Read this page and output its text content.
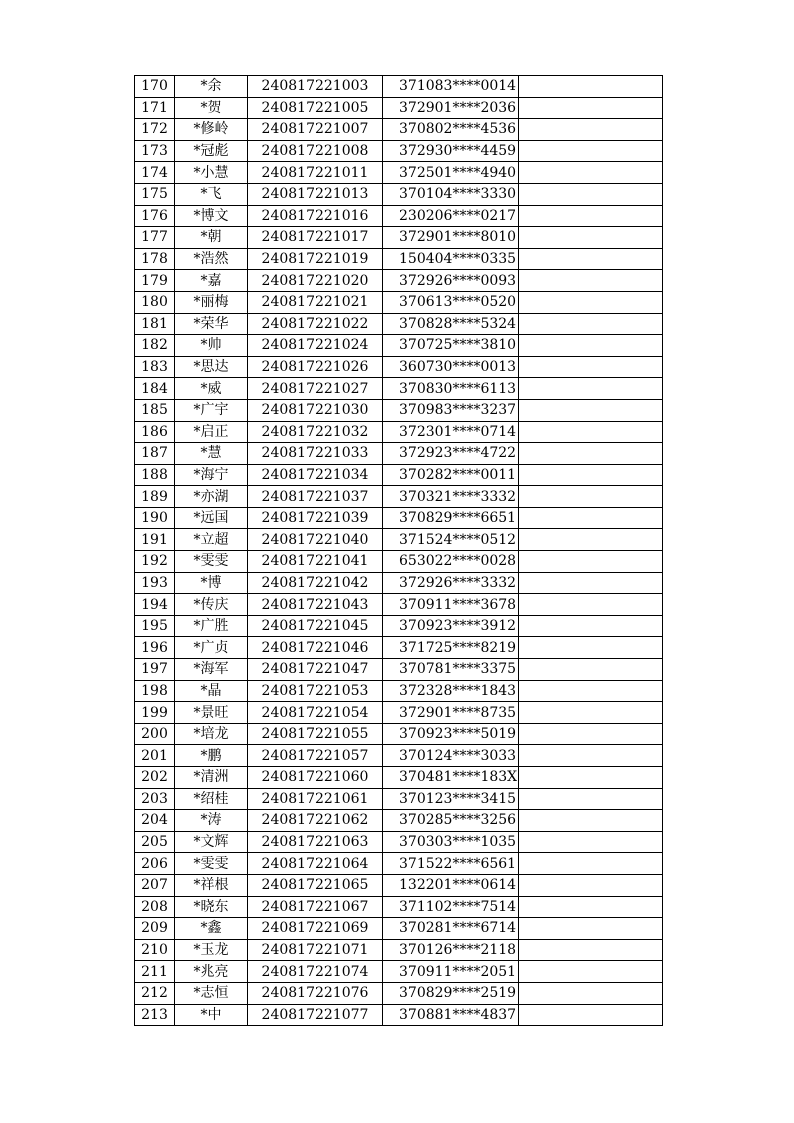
170	*余	240817221003	371083****0014	
171	*贺	240817221005	372901****2036	
172	*修岭	240817221007	370802****4536	
173	*冠彪	240817221008	372930****4459	
174	*小慧	240817221011	372501****4940	
175	*飞	240817221013	370104****3330	
176	*博文	240817221016	230206****0217	
177	*朝	240817221017	372901****8010	
178	*浩然	240817221019	150404****0335	
179	*嘉	240817221020	372926****0093	
180	*丽梅	240817221021	370613****0520	
181	*荣华	240817221022	370828****5324	
182	*帅	240817221024	370725****3810	
183	*思达	240817221026	360730****0013	
184	*威	240817221027	370830****6113	
185	*广宇	240817221030	370983****3237	
186	*启正	240817221032	372301****0714	
187	*慧	240817221033	372923****4722	
188	*海宁	240817221034	370282****0011	
189	*亦湖	240817221037	370321****3332	
190	*远国	240817221039	370829****6651	
191	*立超	240817221040	371524****0512	
192	*雯雯	240817221041	653022****0028	
193	*博	240817221042	372926****3332	
194	*传庆	240817221043	370911****3678	
195	*广胜	240817221045	370923****3912	
196	*广贞	240817221046	371725****8219	
197	*海军	240817221047	370781****3375	
198	*晶	240817221053	372328****1843	
199	*景旺	240817221054	372901****8735	
200	*培龙	240817221055	370923****5019	
201	*鹏	240817221057	370124****3033	
202	*清洲	240817221060	370481****183X	
203	*绍桂	240817221061	370123****3415	
204	*涛	240817221062	370285****3256	
205	*文辉	240817221063	370303****1035	
206	*雯雯	240817221064	371522****6561	
207	*祥根	240817221065	132201****0614	
208	*晓东	240817221067	371102****7514	
209	*鑫	240817221069	370281****6714	
210	*玉龙	240817221071	370126****2118	
211	*兆亮	240817221074	370911****2051	
212	*志恒	240817221076	370829****2519	
213	*中	240817221077	370881****4837	
